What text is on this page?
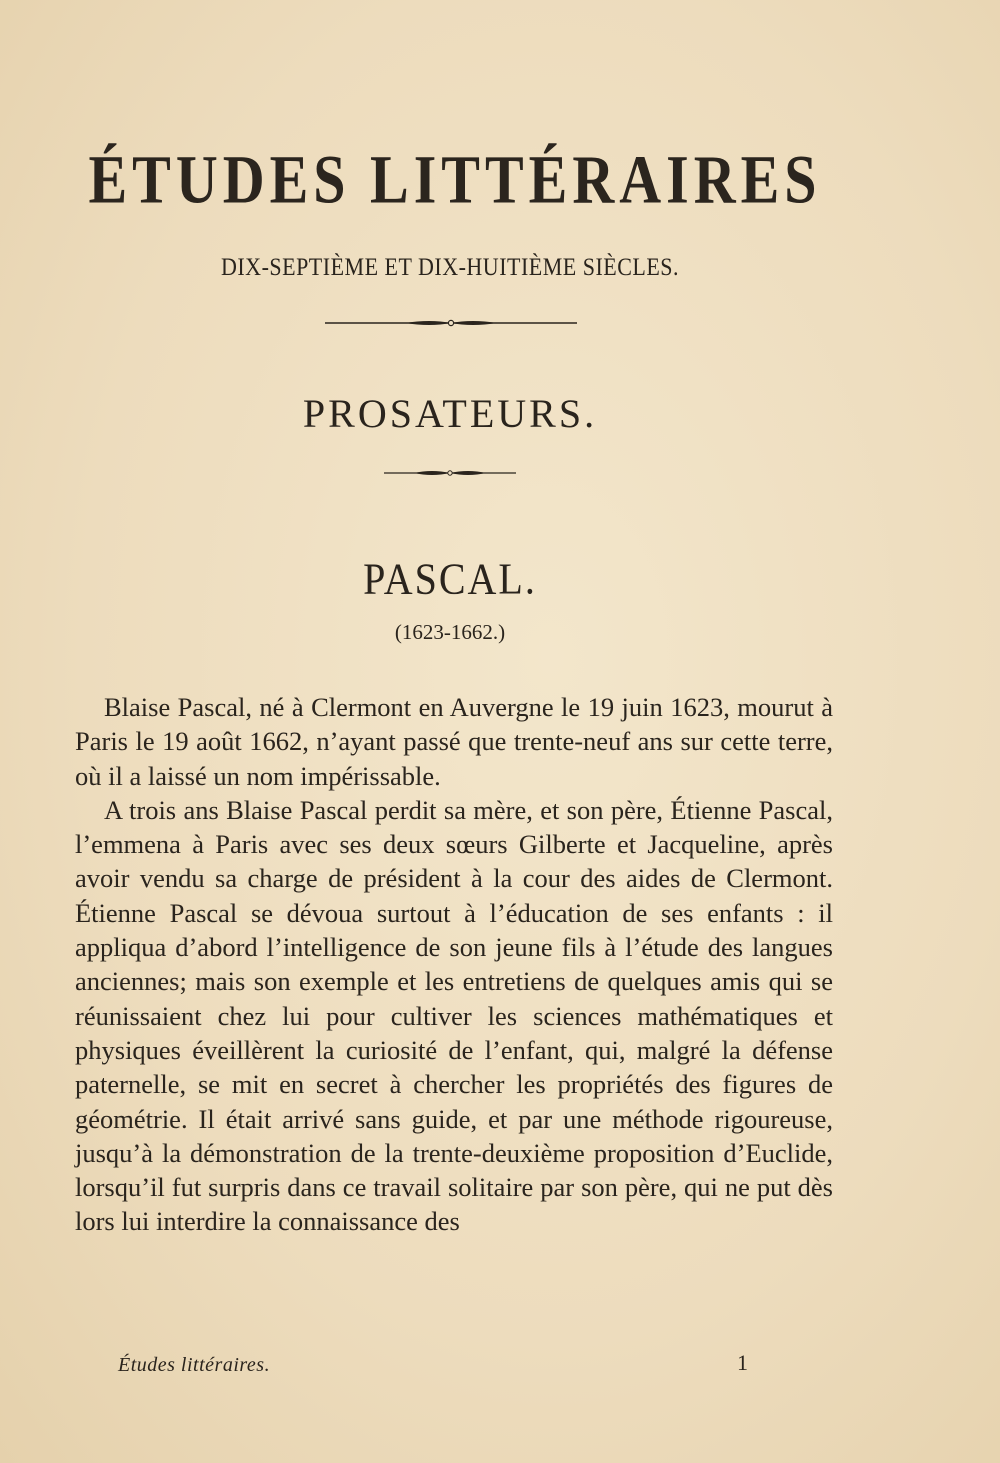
ÉTUDES LITTÉRAIRES
DIX-SEPTIÈME ET DIX-HUITIÈME SIÈCLES.
PROSATEURS.
PASCAL.
(1623-1662.)

Blaise Pascal, né à Clermont en Auvergne le 19 juin 1623, mourut à Paris le 19 août 1662, n’ayant passé que trente-neuf ans sur cette terre, où il a laissé un nom impérissable.

A trois ans Blaise Pascal perdit sa mère, et son père, Étienne Pascal, l’emmena à Paris avec ses deux sœurs Gilberte et Jacqueline, après avoir vendu sa charge de président à la cour des aides de Clermont. Étienne Pascal se dévoua surtout à l’éducation de ses enfants : il appliqua d’abord l’intelligence de son jeune fils à l’étude des langues anciennes; mais son exemple et les entretiens de quelques amis qui se réunissaient chez lui pour cultiver les sciences mathématiques et physiques éveillèrent la curiosité de l’enfant, qui, malgré la défense paternelle, se mit en secret à chercher les propriétés des figures de géométrie. Il était arrivé sans guide, et par une méthode rigoureuse, jusqu’à la démonstration de la trente-deuxième proposition d’Euclide, lorsqu’il fut surpris dans ce travail solitaire par son père, qui ne put dès lors lui interdire la connaissance des

Études littéraires.	1
